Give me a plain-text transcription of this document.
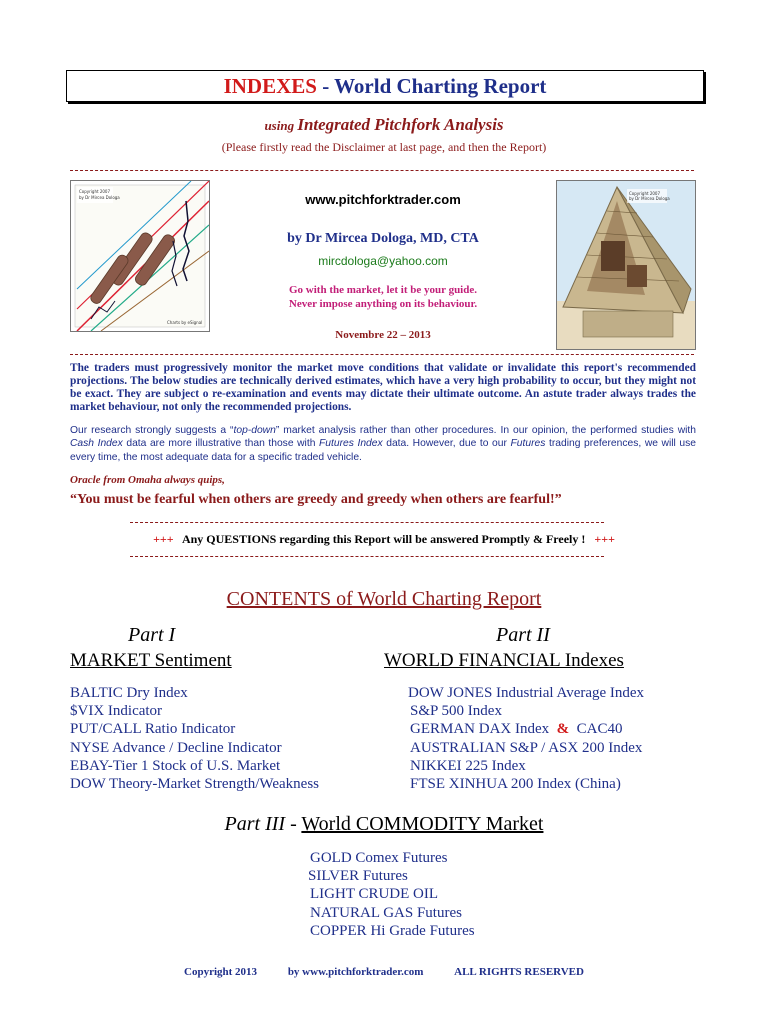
INDEXES - World Charting Report
using Integrated Pitchfork Analysis
(Please firstly read the Disclaimer at last page, and then the Report)
Copyright 2007
by Dr Mircea Dologa
Charts by eSignal
Copyright 2007
by Dr Mircea Dologa
www.pitchforktrader.com
by Dr Mircea Dologa, MD, CTA
mircdologa@yahoo.com
Go with the market, let it be your guide.
Never impose anything on its behaviour.
Novembre 22 – 2013
The traders must progressively monitor the market move conditions that validate or invalidate this report's recommended projections. The below studies are technically derived estimates, which have a very high probability to occur, but they might not be exact. They are subject o re-examination and events may dictate their ultimate outcome. An astute trader always trades the market behaviour, not only the recommended projections.
Our research strongly suggests a “top-down” market analysis rather than other procedures. In our opinion, the performed studies with Cash Index data are more illustrative than those with Futures Index data. However, due to our Futures trading preferences, we will use every time, the most adequate data for a specific traded vehicle.
Oracle from Omaha always quips,
“You must be fearful when others are greedy and greedy when others are fearful!”
+++ Any QUESTIONS regarding this Report will be answered Promptly & Freely ! +++
CONTENTS of World Charting Report
Part I
MARKET Sentiment
BALTIC Dry Index
$VIX Indicator
PUT/CALL Ratio Indicator
NYSE Advance / Decline Indicator
EBAY-Tier 1 Stock of U.S. Market
DOW Theory-Market Strength/Weakness
Part II
WORLD FINANCIAL Indexes
DOW JONES Industrial Average Index
S&P 500 Index
GERMAN DAX Index & CAC40
AUSTRALIAN S&P / ASX 200 Index
NIKKEI 225 Index
FTSE XINHUA 200 Index (China)
Part III - World COMMODITY Market
GOLD Comex Futures
SILVER Futures
LIGHT CRUDE OIL
NATURAL GAS Futures
COPPER Hi Grade Futures
Copyright 2013	by www.pitchforktrader.com	ALL RIGHTS RESERVED
